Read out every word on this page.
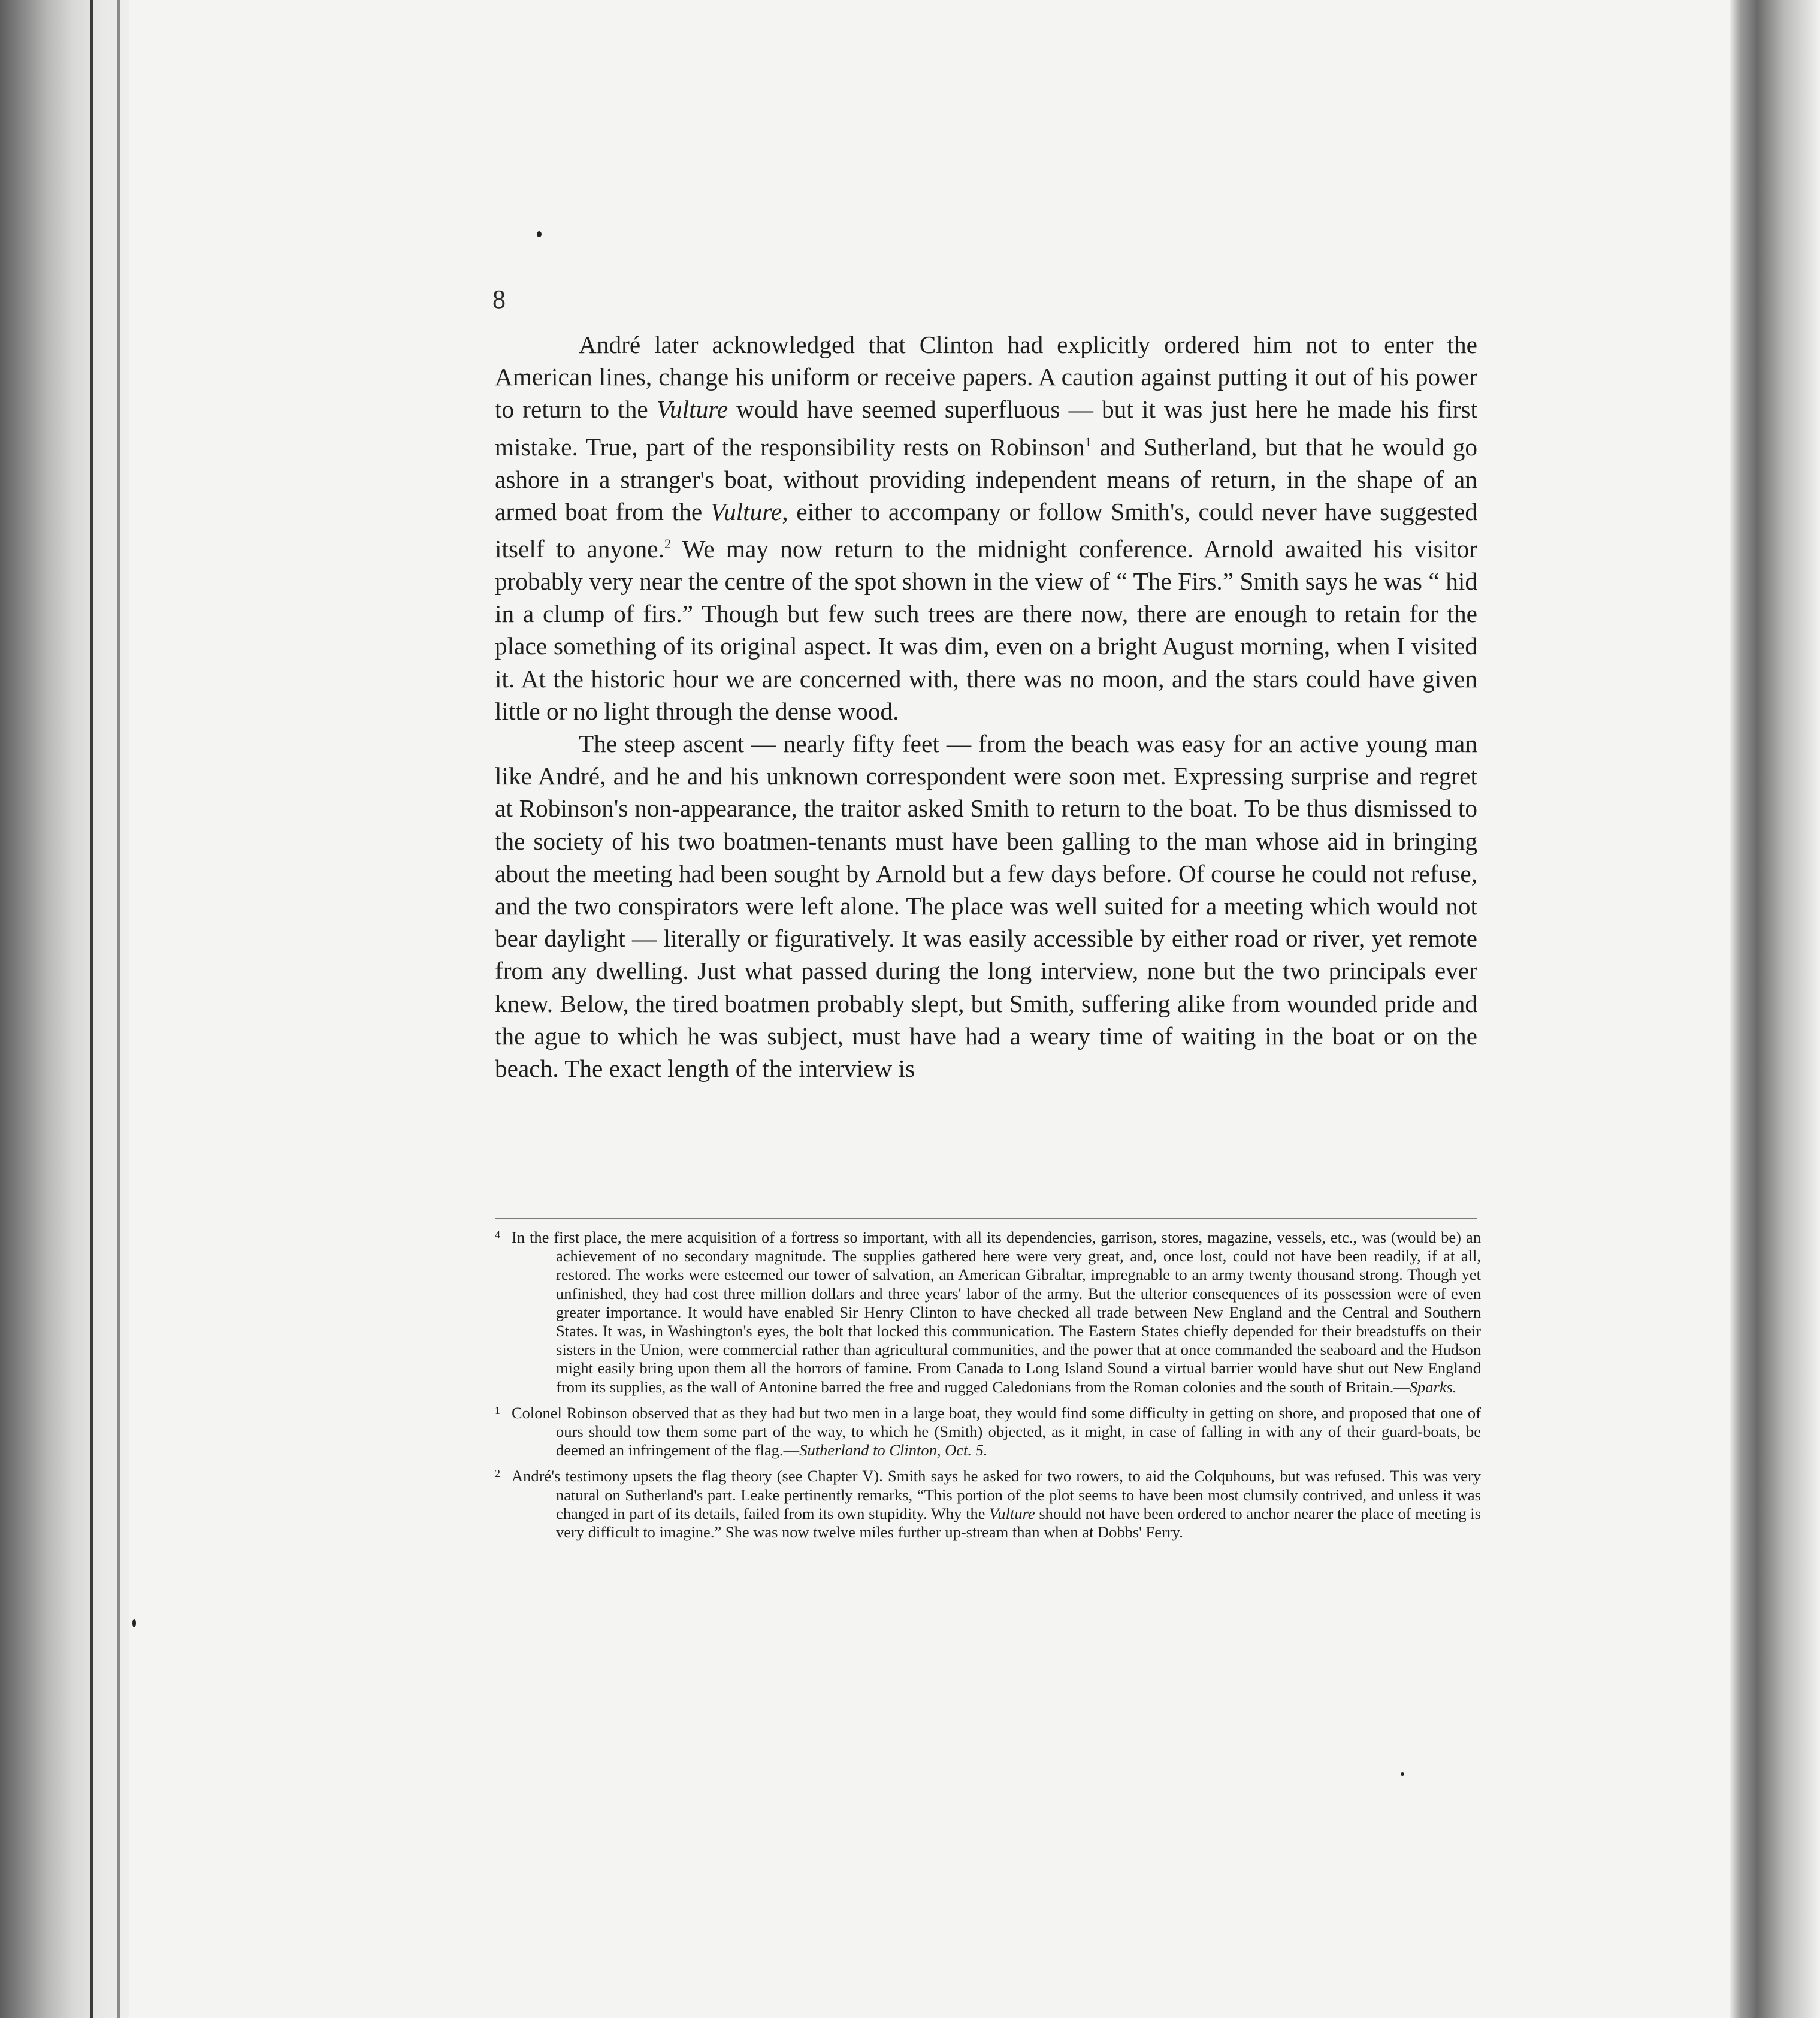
8

André later acknowledged that Clinton had explicitly ordered him not to enter the American lines, change his uniform or receive papers. A caution against putting it out of his power to return to the Vulture would have seemed superfluous — but it was just here he made his first mistake. True, part of the responsibility rests on Robinson$^1$ and Sutherland, but that he would go ashore in a stranger's boat, without providing independent means of return, in the shape of an armed boat from the Vulture, either to accompany or follow Smith's, could never have suggested itself to anyone.$^2$ We may now return to the midnight conference. Arnold awaited his visitor probably very near the centre of the spot shown in the view of “ The Firs.” Smith says he was “ hid in a clump of firs.” Though but few such trees are there now, there are enough to retain for the place something of its original aspect. It was dim, even on a bright August morning, when I visited it. At the historic hour we are concerned with, there was no moon, and the stars could have given little or no light through the dense wood.

The steep ascent — nearly fifty feet — from the beach was easy for an active young man like André, and he and his unknown correspondent were soon met. Expressing surprise and regret at Robinson's non-appearance, the traitor asked Smith to return to the boat. To be thus dismissed to the society of his two boatmen-tenants must have been galling to the man whose aid in bringing about the meeting had been sought by Arnold but a few days before. Of course he could not refuse, and the two conspirators were left alone. The place was well suited for a meeting which would not bear daylight — literally or figuratively. It was easily accessible by either road or river, yet remote from any dwelling. Just what passed during the long interview, none but the two principals ever knew. Below, the tired boatmen probably slept, but Smith, suffering alike from wounded pride and the ague to which he was subject, must have had a weary time of waiting in the boat or on the beach. The exact length of the interview is

4 In the first place, the mere acquisition of a fortress so important, with all its dependencies, garrison, stores, magazine, vessels, etc., was (would be) an achievement of no secondary magnitude. The supplies gathered here were very great, and, once lost, could not have been readily, if at all, restored. The works were esteemed our tower of salvation, an American Gibraltar, impregnable to an army twenty thousand strong. Though yet unfinished, they had cost three million dollars and three years' labor of the army. But the ulterior consequences of its possession were of even greater importance. It would have enabled Sir Henry Clinton to have checked all trade between New England and the Central and Southern States. It was, in Washington's eyes, the bolt that locked this communication. The Eastern States chiefly depended for their breadstuffs on their sisters in the Union, were commercial rather than agricultural communities, and the power that at once commanded the seaboard and the Hudson might easily bring upon them all the horrors of famine. From Canada to Long Island Sound a virtual barrier would have shut out New England from its supplies, as the wall of Antonine barred the free and rugged Caledonians from the Roman colonies and the south of Britain.—Sparks.
1 Colonel Robinson observed that as they had but two men in a large boat, they would find some difficulty in getting on shore, and proposed that one of ours should tow them some part of the way, to which he (Smith) objected, as it might, in case of falling in with any of their guard-boats, be deemed an infringement of the flag.—Sutherland to Clinton, Oct. 5.
2 André's testimony upsets the flag theory (see Chapter V). Smith says he asked for two rowers, to aid the Colquhouns, but was refused. This was very natural on Sutherland's part. Leake pertinently remarks, “This portion of the plot seems to have been most clumsily contrived, and unless it was changed in part of its details, failed from its own stupidity. Why the Vulture should not have been ordered to anchor nearer the place of meeting is very difficult to imagine.” She was now twelve miles further up-stream than when at Dobbs' Ferry.
